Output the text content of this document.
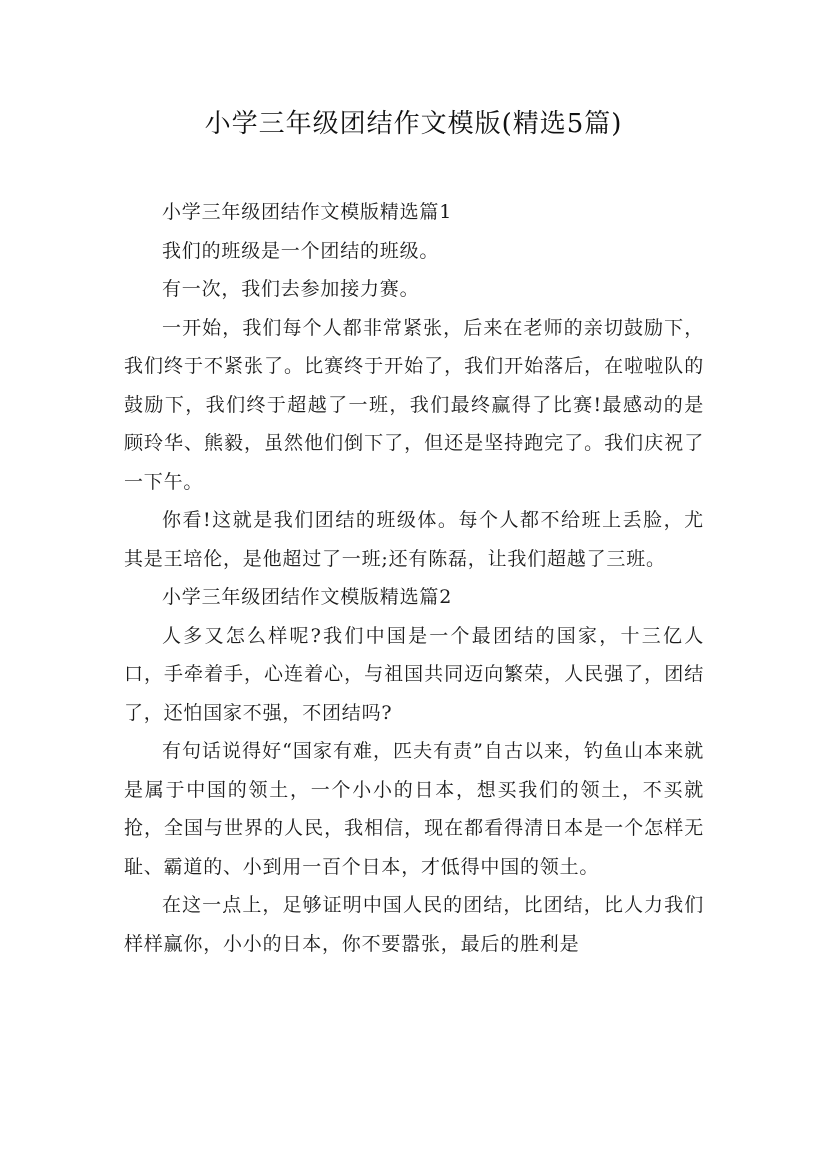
小学三年级团结作文模版(精选5篇)

小学三年级团结作文模版精选篇1

我们的班级是一个团结的班级。

有一次，我们去参加接力赛。

一开始，我们每个人都非常紧张，后来在老师的亲切鼓励下，我们终于不紧张了。比赛终于开始了，我们开始落后，在啦啦队的鼓励下，我们终于超越了一班，我们最终赢得了比赛!最感动的是顾玲华、熊毅，虽然他们倒下了，但还是坚持跑完了。我们庆祝了一下午。

你看!这就是我们团结的班级体。每个人都不给班上丢脸，尤其是王培伦，是他超过了一班;还有陈磊，让我们超越了三班。

小学三年级团结作文模版精选篇2

人多又怎么样呢?我们中国是一个最团结的国家，十三亿人口，手牵着手，心连着心，与祖国共同迈向繁荣，人民强了，团结了，还怕国家不强，不团结吗?

有句话说得好“国家有难，匹夫有责”自古以来，钓鱼山本来就是属于中国的领土，一个小小的日本，想买我们的领土，不买就抢，全国与世界的人民，我相信，现在都看得清日本是一个怎样无耻、霸道的、小到用一百个日本，才低得中国的领土。

在这一点上，足够证明中国人民的团结，比团结，比人力我们样样赢你，小小的日本，你不要嚣张，最后的胜利是
